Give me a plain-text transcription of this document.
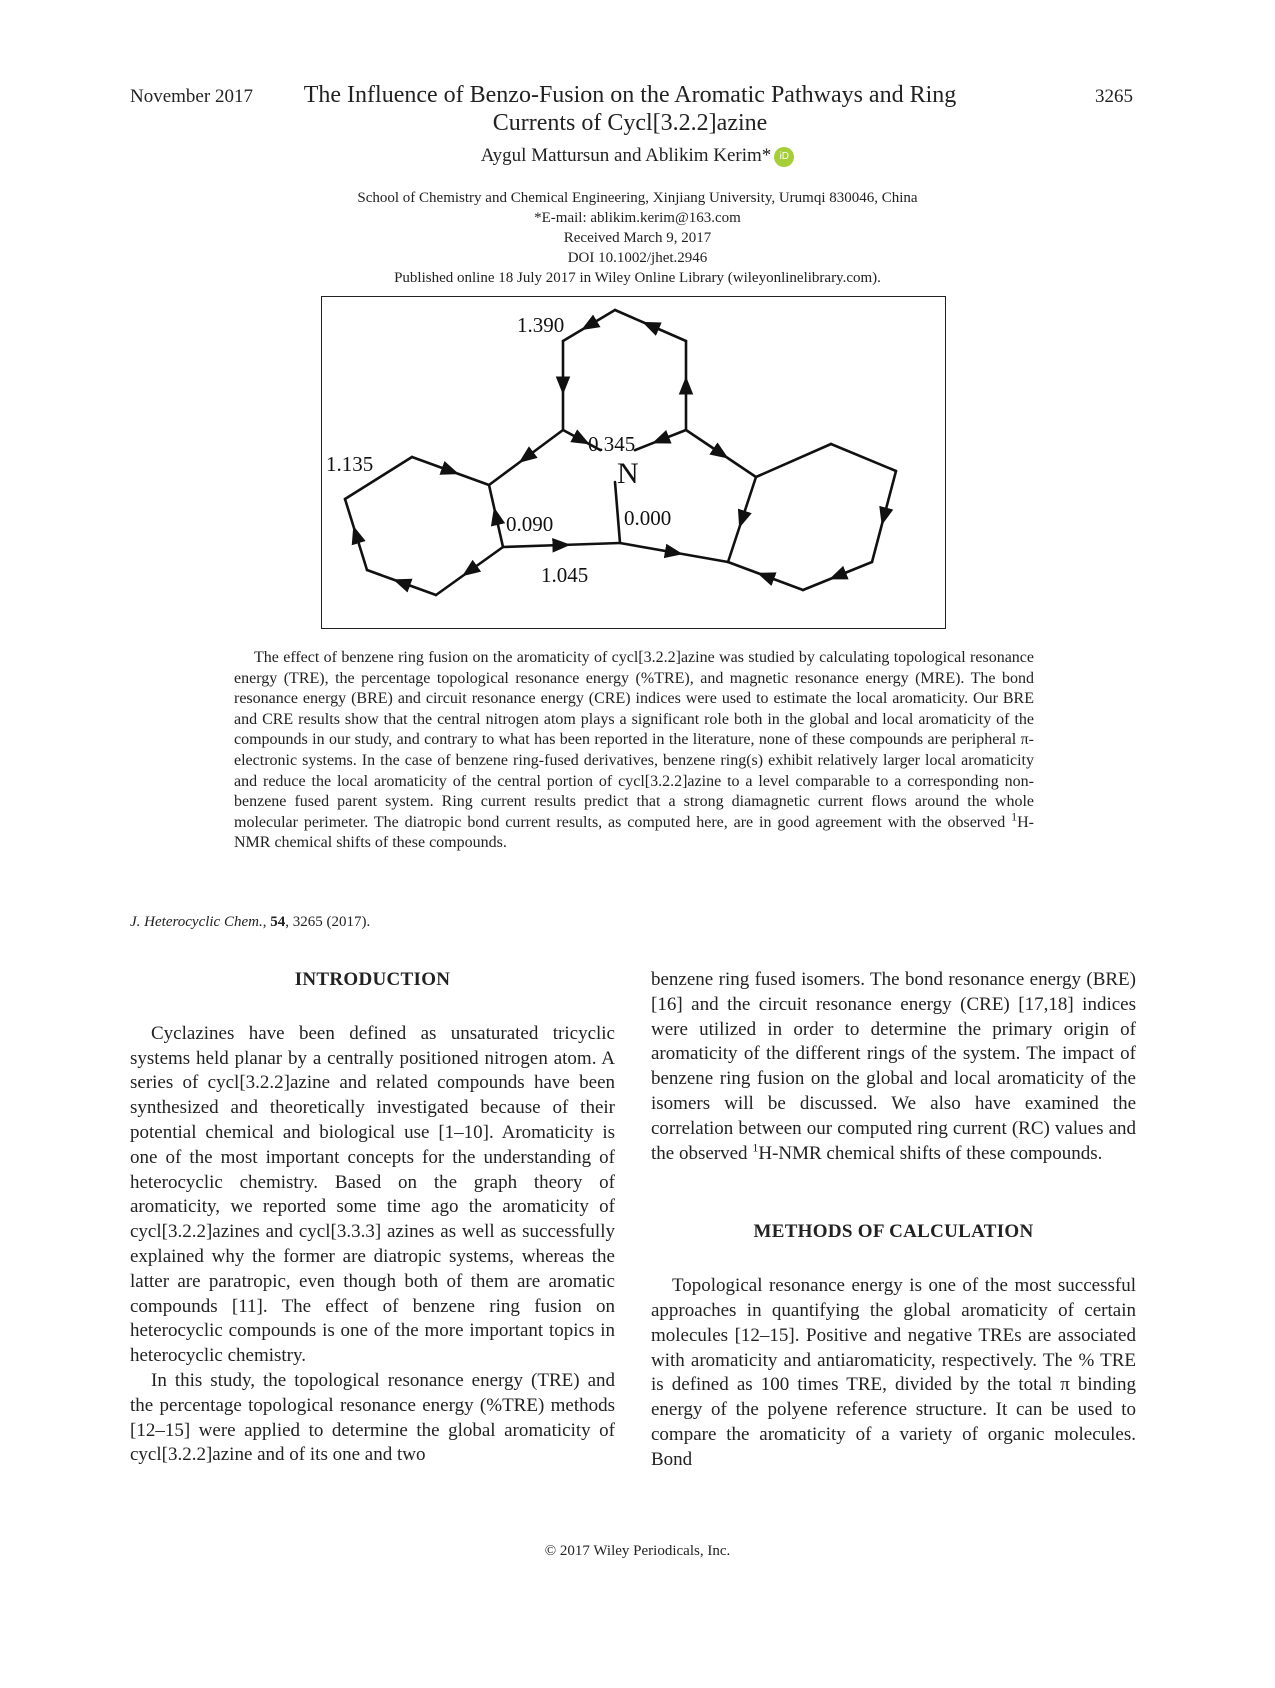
November 2017	The Influence of Benzo-Fusion on the Aromatic Pathways and Ring
Currents of Cycl[3.2.2]azine
3265
Aygul Mattursun and Ablikim Kerim* iD
School of Chemistry and Chemical Engineering, Xinjiang University, Urumqi 830046, China
*E-mail: ablikim.kerim@163.com
Received March 9, 2017
DOI 10.1002/jhet.2946
Published online 18 July 2017 in Wiley Online Library (wileyonlinelibrary.com).
1.390
0.345
N
1.135
0.090	0.000
1.045
The effect of benzene ring fusion on the aromaticity of cycl[3.2.2]azine was studied by calculating topological resonance energy (TRE), the percentage topological resonance energy (%TRE), and magnetic resonance energy (MRE). The bond resonance energy (BRE) and circuit resonance energy (CRE) indices were used to estimate the local aromaticity. Our BRE and CRE results show that the central nitrogen atom plays a significant role both in the global and local aromaticity of the compounds in our study, and contrary to what has been reported in the literature, none of these compounds are peripheral π-electronic systems. In the case of benzene ring-fused derivatives, benzene ring(s) exhibit relatively larger local aromaticity and reduce the local aromaticity of the central portion of cycl[3.2.2]azine to a level comparable to a corresponding non-benzene fused parent system. Ring current results predict that a strong diamagnetic current flows around the whole molecular perimeter. The diatropic bond current results, as computed here, are in good agreement with the observed $^1$H-NMR chemical shifts of these compounds.
J. Heterocyclic Chem., 54, 3265 (2017).
INTRODUCTION

Cyclazines have been defined as unsaturated tricyclic systems held planar by a centrally positioned nitrogen atom. A series of cycl[3.2.2]azine and related compounds have been synthesized and theoretically investigated because of their potential chemical and biological use [1–10]. Aromaticity is one of the most important concepts for the understanding of heterocyclic chemistry. Based on the graph theory of aromaticity, we reported some time ago the aromaticity of cycl[3.2.2]azines and cycl[3.3.3] azines as well as successfully explained why the former are diatropic systems, whereas the latter are paratropic, even though both of them are aromatic compounds [11]. The effect of benzene ring fusion on heterocyclic compounds is one of the more important topics in heterocyclic chemistry.

In this study, the topological resonance energy (TRE) and the percentage topological resonance energy (%TRE) methods [12–15] were applied to determine the global aromaticity of cycl[3.2.2]azine and of its one and two

benzene ring fused isomers. The bond resonance energy (BRE) [16] and the circuit resonance energy (CRE) [17,18] indices were utilized in order to determine the primary origin of aromaticity of the different rings of the system. The impact of benzene ring fusion on the global and local aromaticity of the isomers will be discussed. We also have examined the correlation between our computed ring current (RC) values and the observed $^1$H-NMR chemical shifts of these compounds.

METHODS OF CALCULATION

Topological resonance energy is one of the most successful approaches in quantifying the global aromaticity of certain molecules [12–15]. Positive and negative TREs are associated with aromaticity and antiaromaticity, respectively. The % TRE is defined as 100 times TRE, divided by the total π binding energy of the polyene reference structure. It can be used to compare the aromaticity of a variety of organic molecules. Bond

© 2017 Wiley Periodicals, Inc.
